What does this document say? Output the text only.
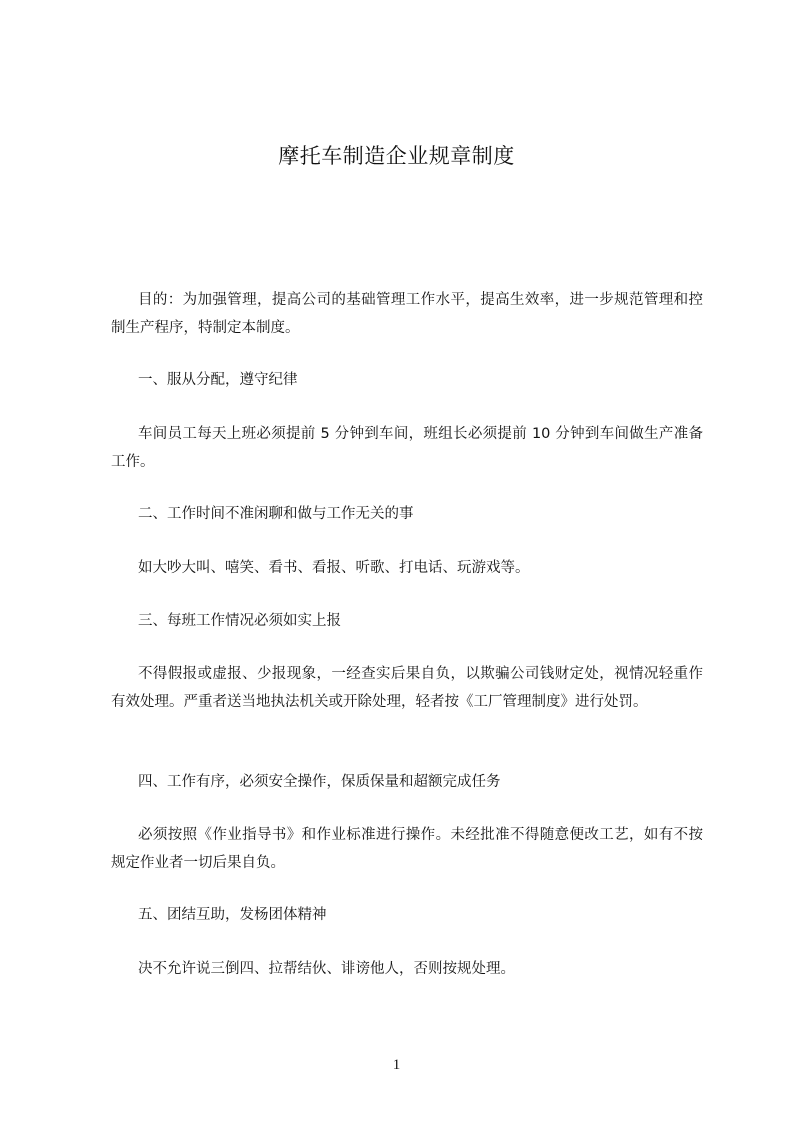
摩托车制造企业规章制度

目的：为加强管理，提高公司的基础管理工作水平，提高生效率，进一步规范管理和控制生产程序，特制定本制度。

一、服从分配，遵守纪律

车间员工每天上班必须提前 5 分钟到车间，班组长必须提前 10 分钟到车间做生产准备工作。

二、工作时间不准闲聊和做与工作无关的事

如大吵大叫、嘻笑、看书、看报、听歌、打电话、玩游戏等。

三、每班工作情况必须如实上报

不得假报或虚报、少报现象，一经查实后果自负，以欺骗公司钱财定处，视情况轻重作有效处理。严重者送当地执法机关或开除处理，轻者按《工厂管理制度》进行处罚。

四、工作有序，必须安全操作，保质保量和超额完成任务

必须按照《作业指导书》和作业标准进行操作。未经批准不得随意便改工艺，如有不按规定作业者一切后果自负。

五、团结互助，发杨团体精神

决不允许说三倒四、拉帮结伙、诽谤他人，否则按规处理。

1
